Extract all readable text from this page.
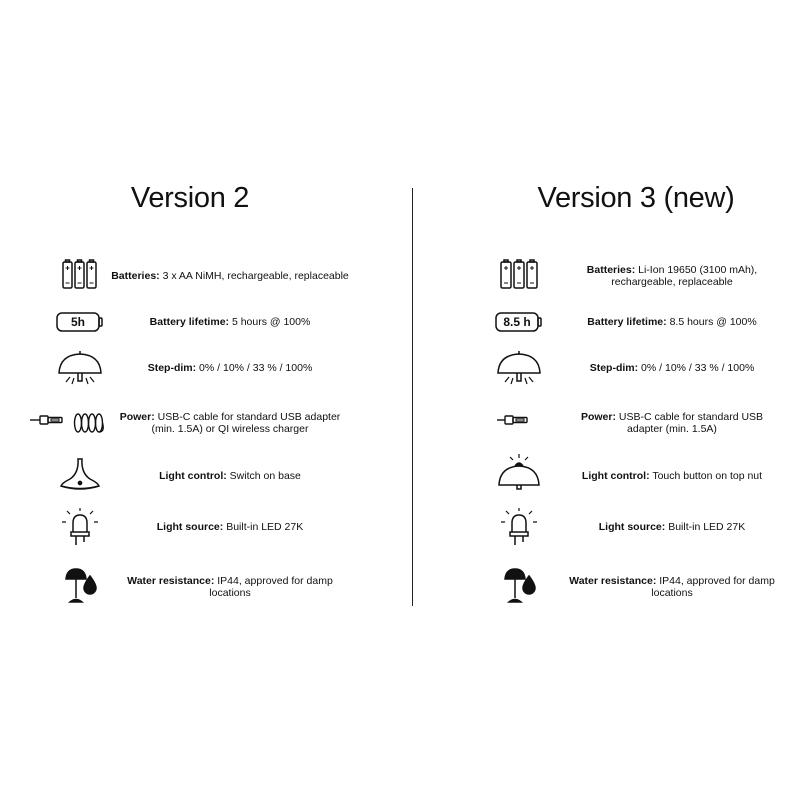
Version 2
Batteries: 3 x AA NiMH, rechargeable, replaceable
5h	Battery lifetime: 5 hours @ 100%
Step-dim: 0% / 10% / 33 % / 100%
Power: USB-C cable for standard USB adapter (min. 1.5A) or QI wireless charger
Light control: Switch on base
Light source: Built-in LED 27K
Water resistance: IP44, approved for damp locations
Version 3 (new)
Batteries: Li-Ion 19650 (3100 mAh), rechargeable, replaceable
8.5 h	Battery lifetime: 8.5 hours @ 100%
Step-dim: 0% / 10% / 33 % / 100%
Power: USB-C cable for standard USB adapter (min. 1.5A)
Light control: Touch button on top nut
Light source: Built-in LED 27K
Water resistance: IP44, approved for damp locations
